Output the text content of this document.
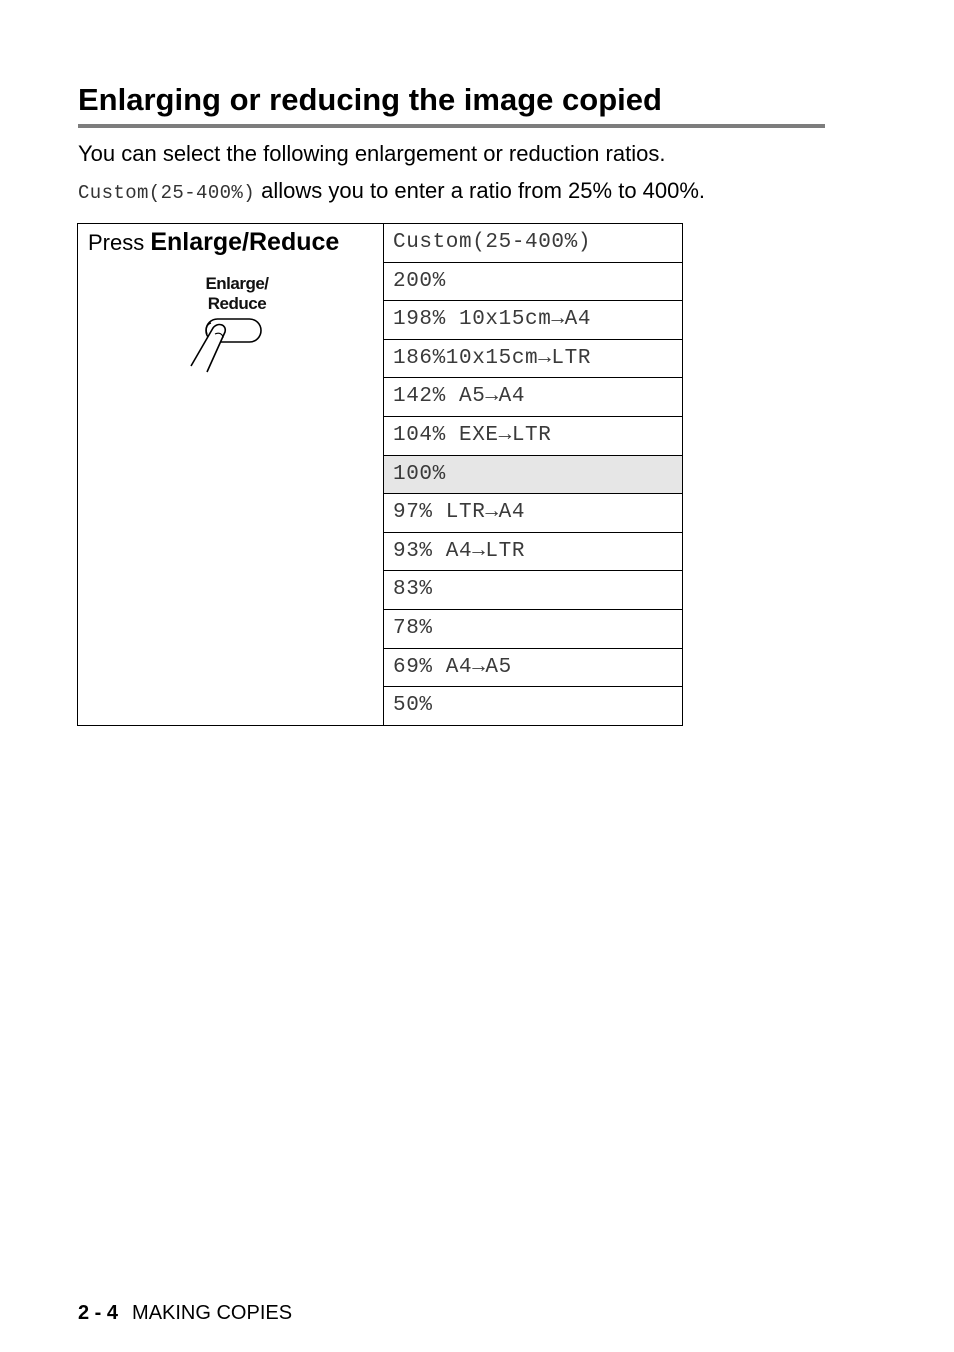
Enlarging or reducing the image copied
You can select the following enlargement or reduction ratios.
Custom(25-400%) allows you to enter a ratio from 25% to 400%.
Press Enlarge/Reduce
Enlarge/
Reduce
Custom(25-400%)
200%
198% 10x15cm→A4
186%10x15cm→LTR
142% A5→A4
104% EXE→LTR
100%
97% LTR→A4
93% A4→LTR
83%
78%
69% A4→A5
50%
2 - 4 MAKING COPIES
